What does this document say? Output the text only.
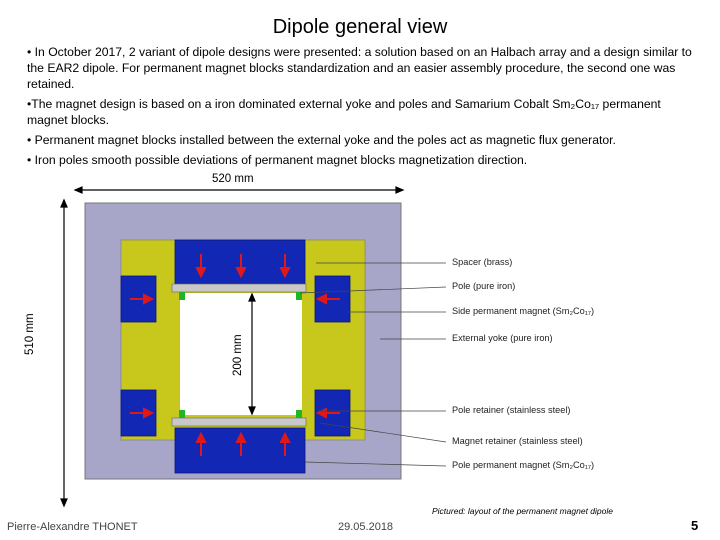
Dipole general view

• In October 2017, 2 variant of dipole designs were presented: a solution based on an Halbach array and a design similar to the EAR2 dipole. For permanent magnet blocks standardization and an easier assembly procedure, the second one was retained.

•The magnet design is based on a iron dominated external yoke and poles and Samarium Cobalt Sm₂Co₁₇ permanent magnet blocks.

• Permanent magnet blocks installed between the external yoke and the poles act as magnetic flux generator.

• Iron poles smooth possible deviations of permanent magnet blocks magnetization direction.

520 mm
510 mm
200 mm
Spacer (brass)
Pole (pure iron)
Side permanent magnet (Sm₂Co₁₇)
External yoke (pure iron)
Pole retainer (stainless steel)
Magnet retainer (stainless steel)
Pole permanent magnet (Sm₂Co₁₇)
Pictured: layout of the permanent magnet dipole
Pierre-Alexandre THONET	29.05.2018	5
